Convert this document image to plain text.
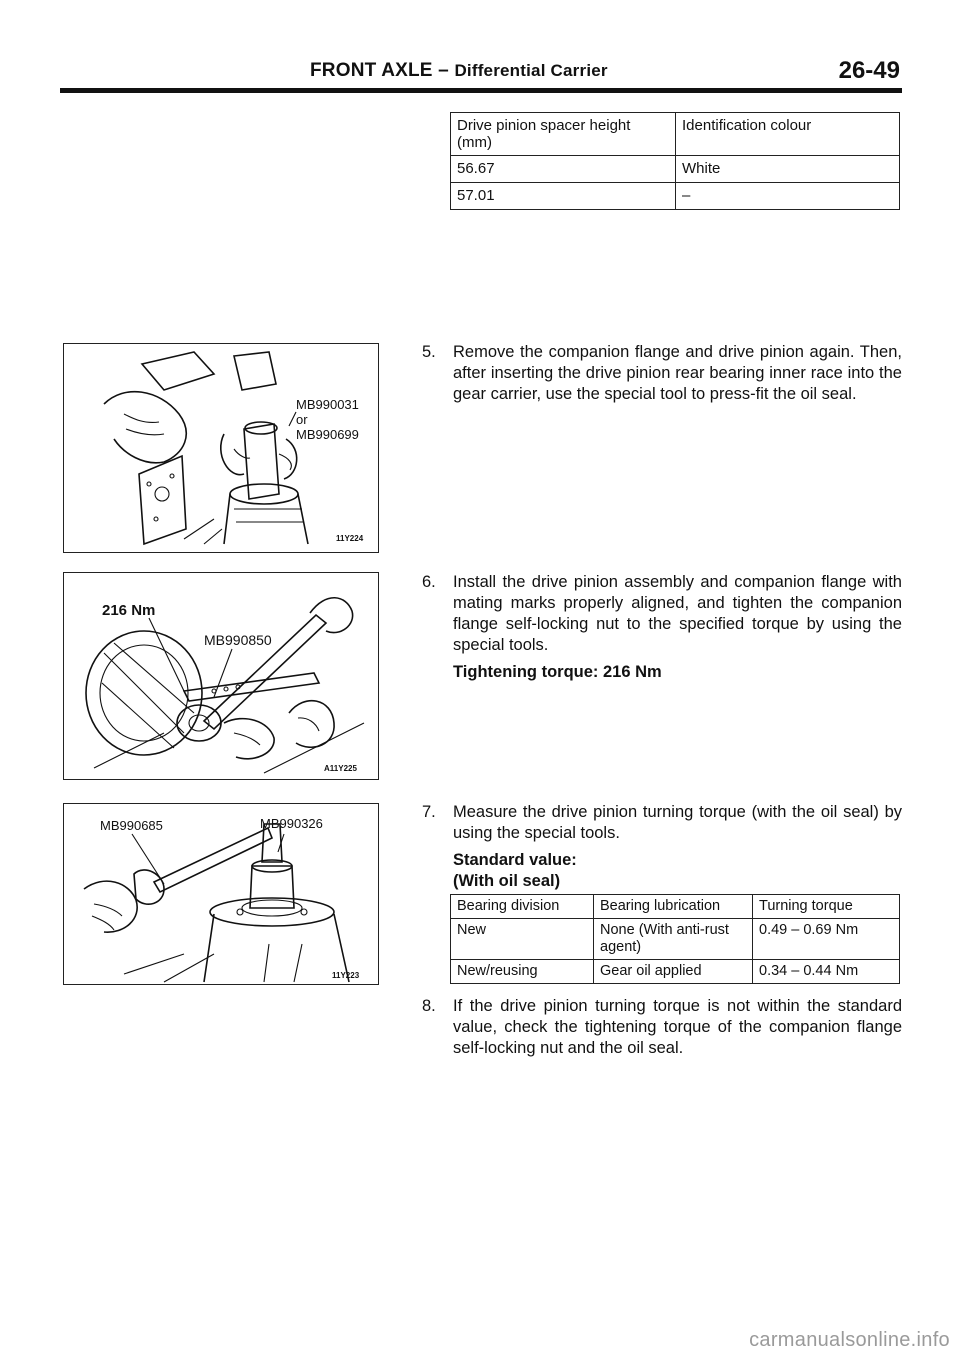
FRONT AXLE – Differential Carrier	26-49
Drive pinion spacer height (mm)	Identification colour
56.67	White
57.01	–
MB990031
or
MB990699
11Y224
216 Nm
MB990850
A11Y225
MB990685	MB990326
11Y223
5. Remove the companion flange and drive pinion again. Then, after inserting the drive pinion rear bearing inner race into the gear carrier, use the special tool to press-fit the oil seal.
6. Install the drive pinion assembly and companion flange with mating marks properly aligned, and tighten the companion flange self-locking nut to the specified torque by using the special tools.
Tightening torque: 216 Nm
7. Measure the drive pinion turning torque (with the oil seal) by using the special tools.
Standard value:
(With oil seal)
Bearing division	Bearing lubrication	Turning torque
New	None (With anti-rust agent)	0.49 – 0.69 Nm
New/reusing	Gear oil applied	0.34 – 0.44 Nm
8. If the drive pinion turning torque is not within the standard value, check the tightening torque of the companion flange self-locking nut and the oil seal.
carmanualsonline.info
